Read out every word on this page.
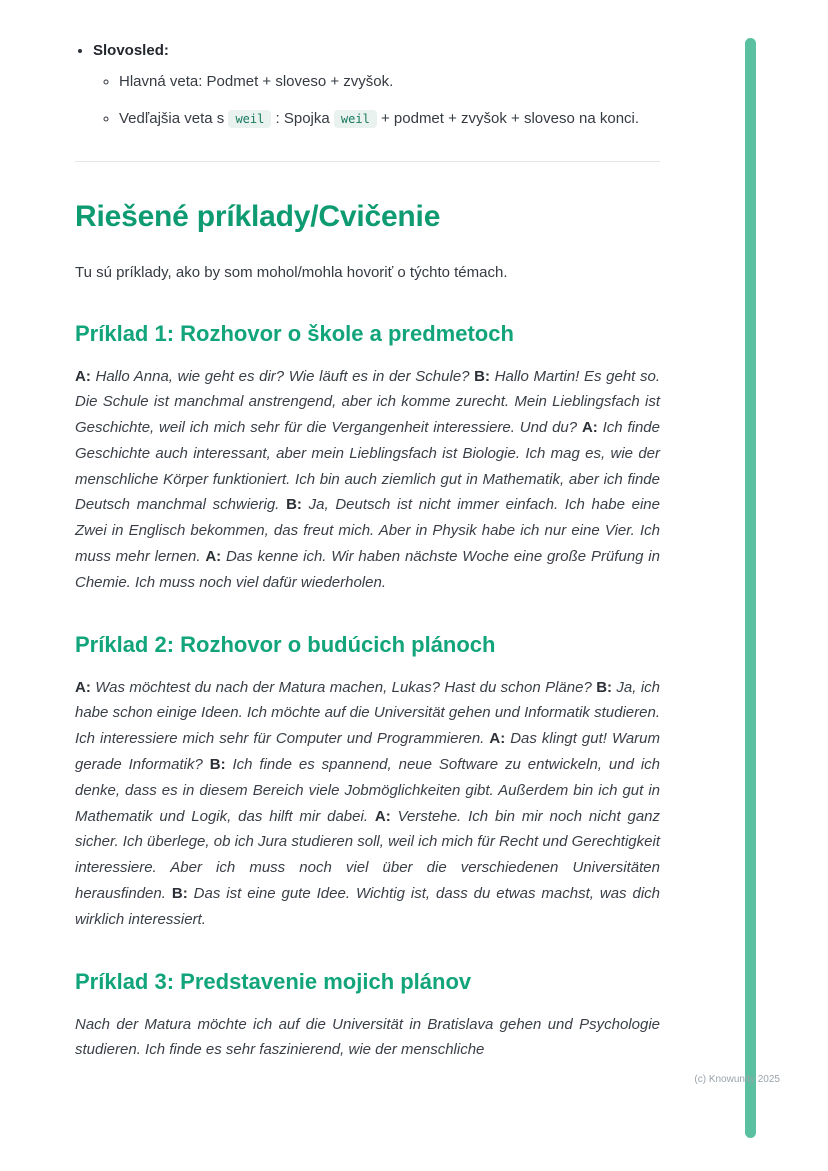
(c) Knowunity 2025
• Slovosled:
◦ Hlavná veta: Podmet + sloveso + zvyšok.
◦ Vedľajšia veta s weil : Spojka weil + podmet + zvyšok + sloveso na konci.
Riešené príklady/Cvičenie

Tu sú príklady, ako by som mohol/mohla hovoriť o týchto témach.

Príklad 1: Rozhovor o škole a predmetoch

A: Hallo Anna, wie geht es dir? Wie läuft es in der Schule? B: Hallo Martin! Es geht so. Die Schule ist manchmal anstrengend, aber ich komme zurecht. Mein Lieblingsfach ist Geschichte, weil ich mich sehr für die Vergangenheit interessiere. Und du? A: Ich finde Geschichte auch interessant, aber mein Lieblingsfach ist Biologie. Ich mag es, wie der menschliche Körper funktioniert. Ich bin auch ziemlich gut in Mathematik, aber ich finde Deutsch manchmal schwierig. B: Ja, Deutsch ist nicht immer einfach. Ich habe eine Zwei in Englisch bekommen, das freut mich. Aber in Physik habe ich nur eine Vier. Ich muss mehr lernen. A: Das kenne ich. Wir haben nächste Woche eine große Prüfung in Chemie. Ich muss noch viel dafür wiederholen.

Príklad 2: Rozhovor o budúcich plánoch

A: Was möchtest du nach der Matura machen, Lukas? Hast du schon Pläne? B: Ja, ich habe schon einige Ideen. Ich möchte auf die Universität gehen und Informatik studieren. Ich interessiere mich sehr für Computer und Programmieren. A: Das klingt gut! Warum gerade Informatik? B: Ich finde es spannend, neue Software zu entwickeln, und ich denke, dass es in diesem Bereich viele Jobmöglichkeiten gibt. Außerdem bin ich gut in Mathematik und Logik, das hilft mir dabei. A: Verstehe. Ich bin mir noch nicht ganz sicher. Ich überlege, ob ich Jura studieren soll, weil ich mich für Recht und Gerechtigkeit interessiere. Aber ich muss noch viel über die verschiedenen Universitäten herausfinden. B: Das ist eine gute Idee. Wichtig ist, dass du etwas machst, was dich wirklich interessiert.

Príklad 3: Predstavenie mojich plánov

Nach der Matura möchte ich auf die Universität in Bratislava gehen und Psychologie studieren. Ich finde es sehr faszinierend, wie der menschliche
